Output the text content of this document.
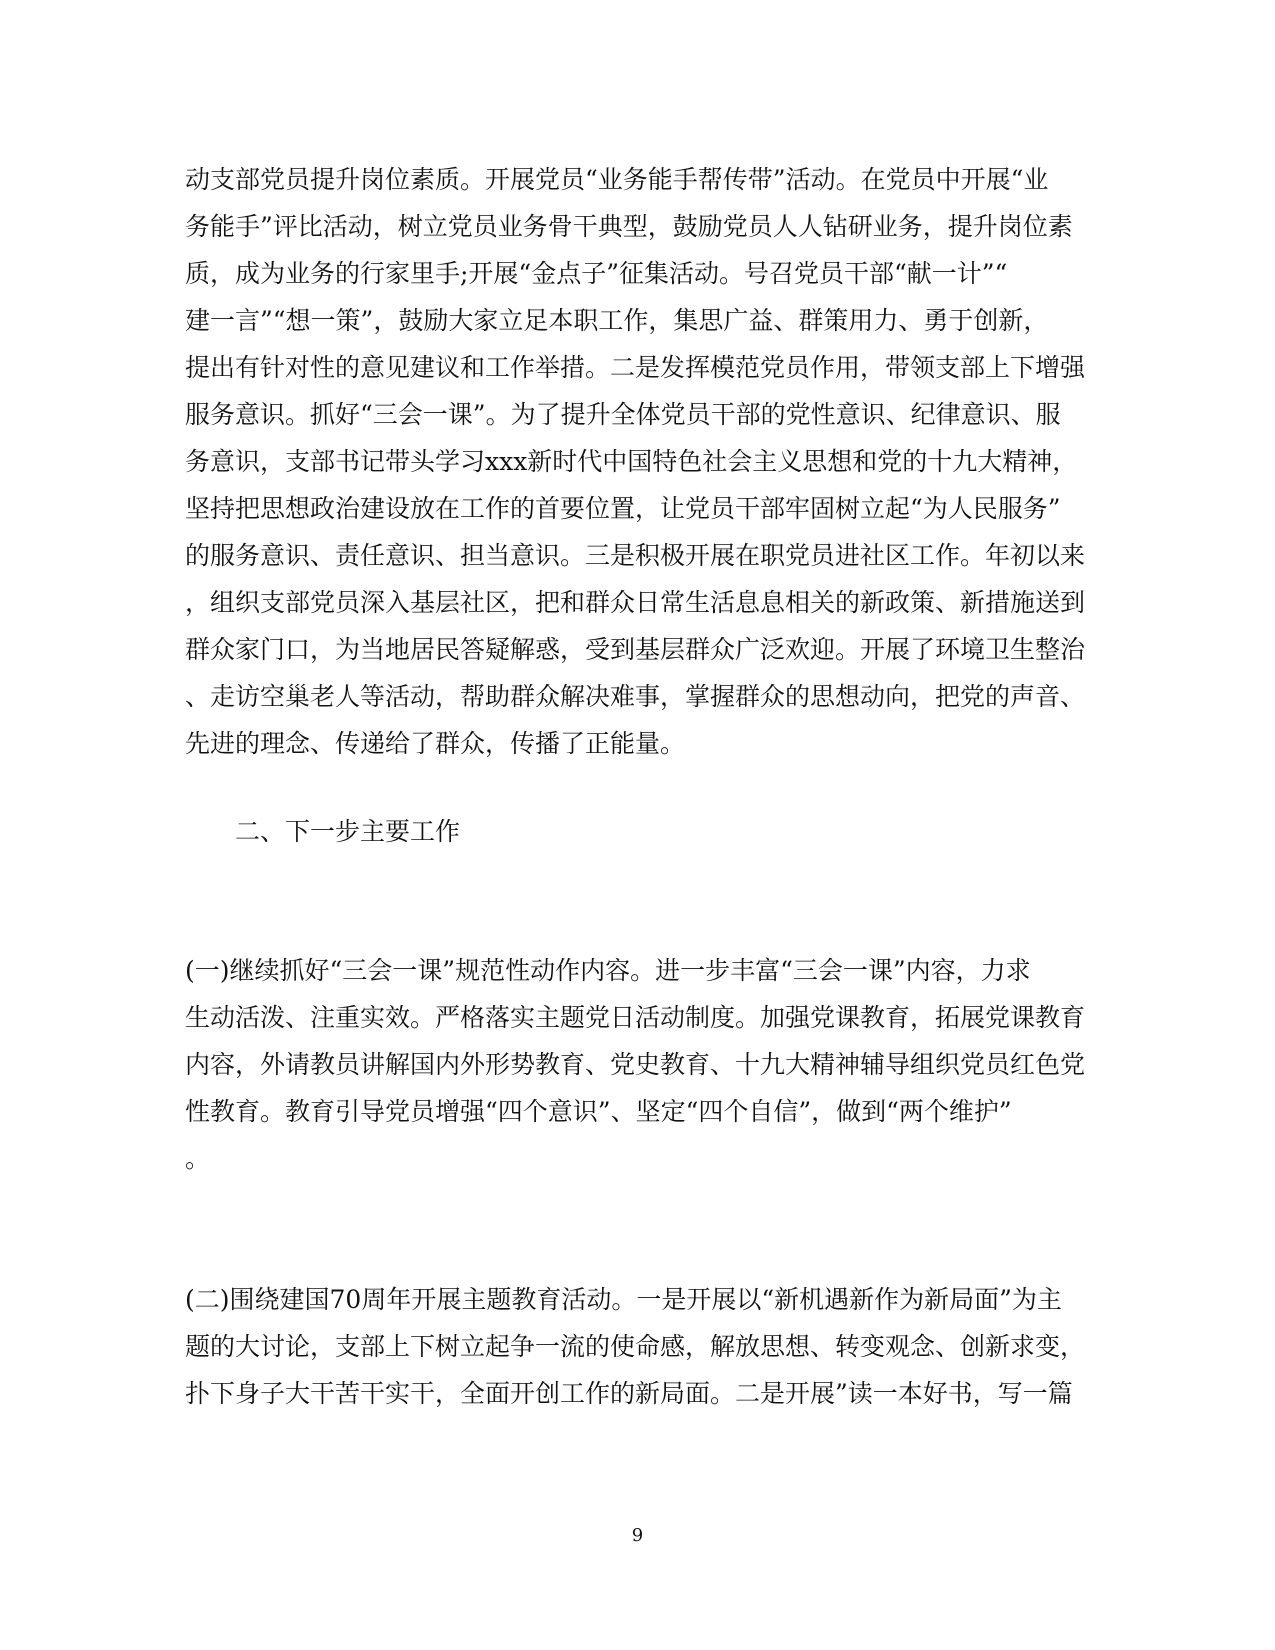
动支部党员提升岗位素质。开展党员“业务能手帮传带”活动。在党员中开展“业

务能手”评比活动，树立党员业务骨干典型，鼓励党员人人钻研业务，提升岗位素

质，成为业务的行家里手;开展“金点子”征集活动。号召党员干部“献一计”“

建一言”“想一策”，鼓励大家立足本职工作，集思广益、群策用力、勇于创新，

提出有针对性的意见建议和工作举措。二是发挥模范党员作用，带领支部上下增强

服务意识。抓好“三会一课”。为了提升全体党员干部的党性意识、纪律意识、服

务意识，支部书记带头学习xxx新时代中国特色社会主义思想和党的十九大精神，

坚持把思想政治建设放在工作的首要位置，让党员干部牢固树立起“为人民服务”

的服务意识、责任意识、担当意识。三是积极开展在职党员进社区工作。年初以来

，组织支部党员深入基层社区，把和群众日常生活息息相关的新政策、新措施送到

群众家门口，为当地居民答疑解惑，受到基层群众广泛欢迎。开展了环境卫生整治

、走访空巢老人等活动，帮助群众解决难事，掌握群众的思想动向，把党的声音、

先进的理念、传递给了群众，传播了正能量。

二、下一步主要工作

(一)继续抓好“三会一课”规范性动作内容。进一步丰富“三会一课”内容，力求

生动活泼、注重实效。严格落实主题党日活动制度。加强党课教育，拓展党课教育

内容，外请教员讲解国内外形势教育、党史教育、十九大精神辅导组织党员红色党

性教育。教育引导党员增强“四个意识”、坚定“四个自信”，做到“两个维护”

。

(二)围绕建国70周年开展主题教育活动。一是开展以“新机遇新作为新局面”为主

题的大讨论，支部上下树立起争一流的使命感，解放思想、转变观念、创新求变，

扑下身子大干苦干实干，全面开创工作的新局面。二是开展”读一本好书，写一篇

9
